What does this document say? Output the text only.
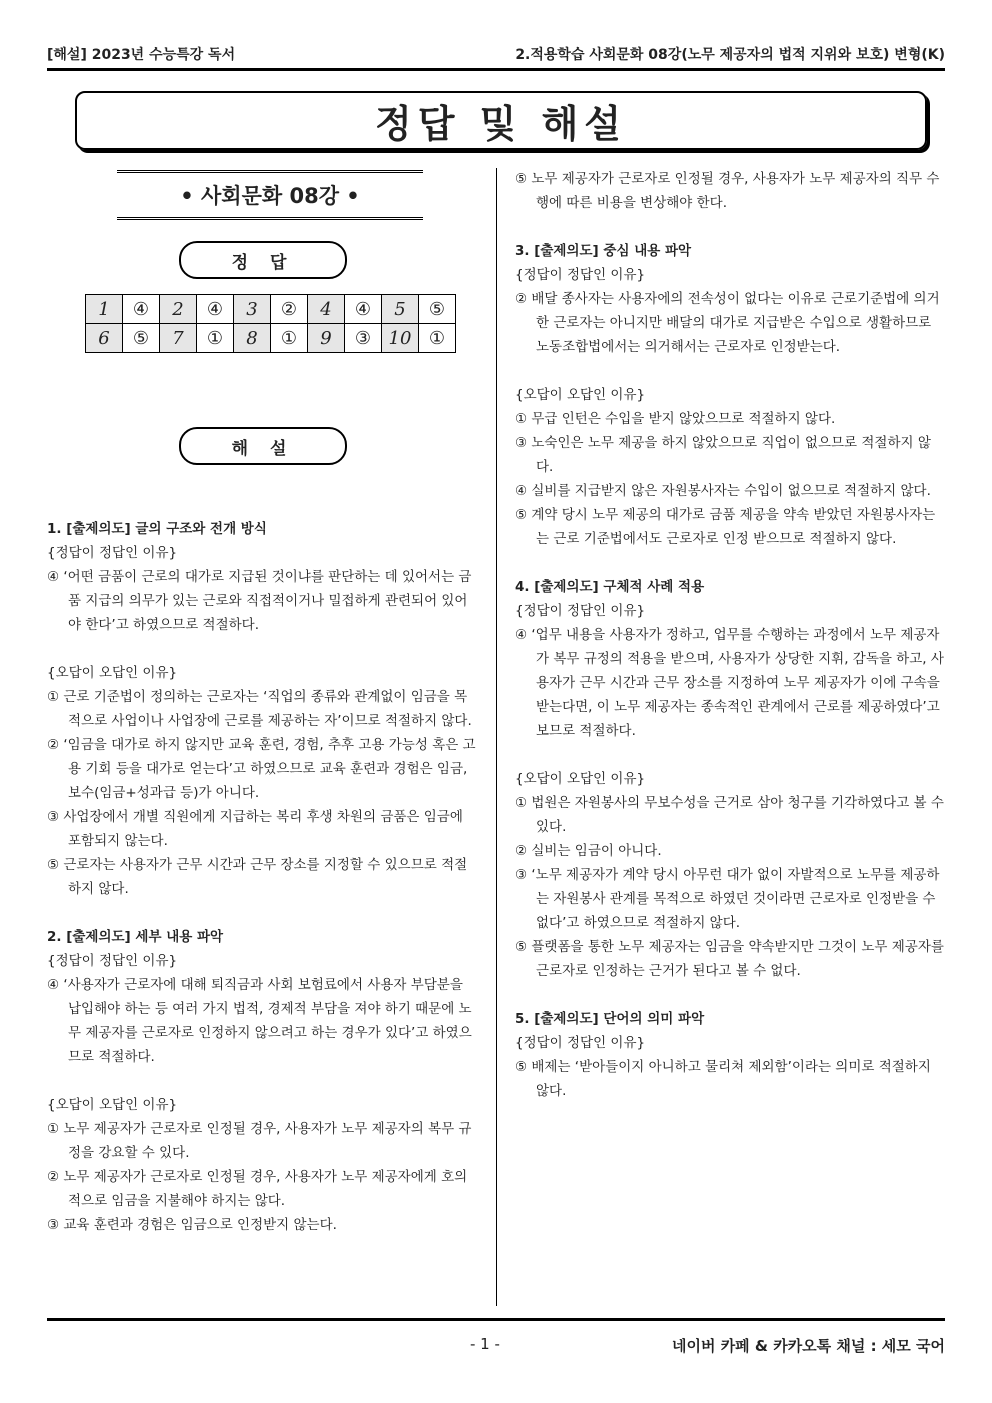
[해설] 2023년 수능특강 독서	2.적용학습 사회문화 08강(노무 제공자의 법적 지위와 보호) 변형(K)
정답 및 해설
• 사회문화 08강 •
정 답
1	④	2	④	3	②	4	④	5	⑤
6	⑤	7	①	8	①	9	③	10	①
해 설

1. [출제의도] 글의 구조와 전개 방식

{정답이 정답인 이유}

④ ‘어떤 금품이 근로의 대가로 지급된 것이냐를 판단하는 데 있어서는 금품 지급의 의무가 있는 근로와 직접적이거나 밀접하게 관련되어 있어야 한다’고 하였으므로 적절하다.

{오답이 오답인 이유}

① 근로 기준법이 정의하는 근로자는 ‘직업의 종류와 관계없이 임금을 목적으로 사업이나 사업장에 근로를 제공하는 자’이므로 적절하지 않다.

② ‘임금을 대가로 하지 않지만 교육 훈련, 경험, 추후 고용 가능성 혹은 고용 기회 등을 대가로 얻는다’고 하였으므로 교육 훈련과 경험은 임금, 보수(임금+성과급 등)가 아니다.

③ 사업장에서 개별 직원에게 지급하는 복리 후생 차원의 금품은 임금에 포함되지 않는다.

⑤ 근로자는 사용자가 근무 시간과 근무 장소를 지정할 수 있으므로 적절하지 않다.

2. [출제의도] 세부 내용 파악

{정답이 정답인 이유}

④ ‘사용자가 근로자에 대해 퇴직금과 사회 보험료에서 사용자 부담분을 납입해야 하는 등 여러 가지 법적, 경제적 부담을 져야 하기 때문에 노무 제공자를 근로자로 인정하지 않으려고 하는 경우가 있다’고 하였으므로 적절하다.

{오답이 오답인 이유}

① 노무 제공자가 근로자로 인정될 경우, 사용자가 노무 제공자의 복무 규정을 강요할 수 있다.

② 노무 제공자가 근로자로 인정될 경우, 사용자가 노무 제공자에게 호의적으로 임금을 지불해야 하지는 않다.

③ 교육 훈련과 경험은 임금으로 인정받지 않는다.

⑤ 노무 제공자가 근로자로 인정될 경우, 사용자가 노무 제공자의 직무 수행에 따른 비용을 변상해야 한다.

3. [출제의도] 중심 내용 파악

{정답이 정답인 이유}

② 배달 종사자는 사용자에의 전속성이 없다는 이유로 근로기준법에 의거한 근로자는 아니지만 배달의 대가로 지급받은 수입으로 생활하므로 노동조합법에서는 의거해서는 근로자로 인정받는다.

{오답이 오답인 이유}

① 무급 인턴은 수입을 받지 않았으므로 적절하지 않다.

③ 노숙인은 노무 제공을 하지 않았으므로 직업이 없으므로 적절하지 않다.

④ 실비를 지급받지 않은 자원봉사자는 수입이 없으므로 적절하지 않다.

⑤ 계약 당시 노무 제공의 대가로 금품 제공을 약속 받았던 자원봉사자는는 근로 기준법에서도 근로자로 인정 받으므로 적절하지 않다.

4. [출제의도] 구체적 사례 적용

{정답이 정답인 이유}

④ ‘업무 내용을 사용자가 정하고, 업무를 수행하는 과정에서 노무 제공자가 복무 규정의 적용을 받으며, 사용자가 상당한 지휘, 감독을 하고, 사용자가 근무 시간과 근무 장소를 지정하여 노무 제공자가 이에 구속을 받는다면, 이 노무 제공자는 종속적인 관계에서 근로를 제공하였다’고 보므로 적절하다.

{오답이 오답인 이유}

① 법원은 자원봉사의 무보수성을 근거로 삼아 청구를 기각하였다고 볼 수 있다.

② 실비는 임금이 아니다.

③ ‘노무 제공자가 계약 당시 아무런 대가 없이 자발적으로 노무를 제공하는 자원봉사 관계를 목적으로 하였던 것이라면 근로자로 인정받을 수 없다’고 하였으므로 적절하지 않다.

⑤ 플랫폼을 통한 노무 제공자는 임금을 약속받지만 그것이 노무 제공자를 근로자로 인정하는 근거가 된다고 볼 수 없다.

5. [출제의도] 단어의 의미 파악

{정답이 정답인 이유}

⑤ 배제는 ‘받아들이지 아니하고 물리쳐 제외함’이라는 의미로 적절하지 않다.

- 1 -	네이버 카페 & 카카오톡 채널 : 세모 국어
